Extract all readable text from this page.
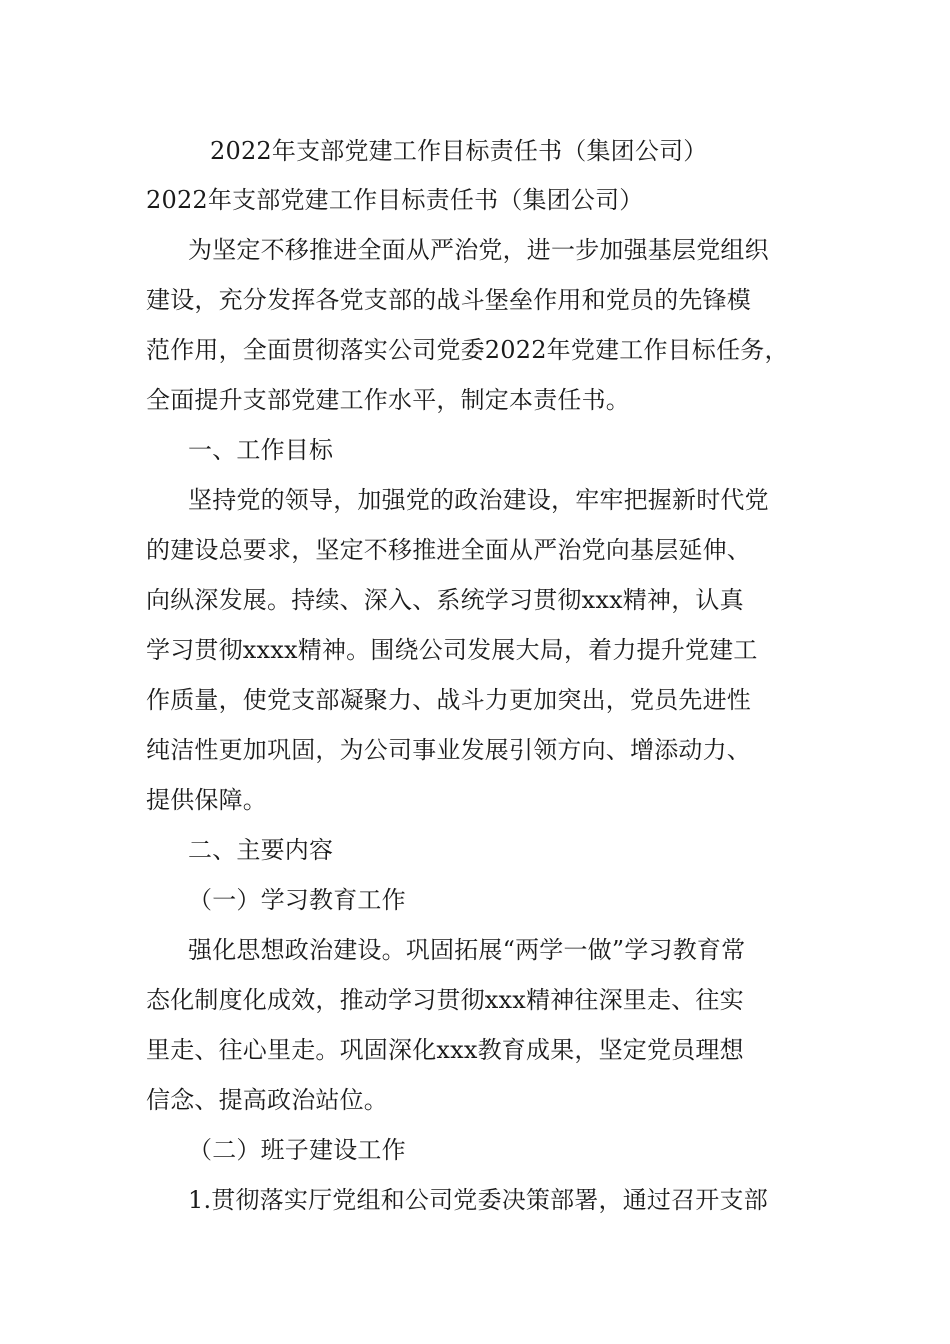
2022年支部党建工作目标责任书（集团公司）
2022年支部党建工作目标责任书（集团公司）
为坚定不移推进全面从严治党，进一步加强基层党组织
建设，充分发挥各党支部的战斗堡垒作用和党员的先锋模
范作用，全面贯彻落实公司党委2022年党建工作目标任务，
全面提升支部党建工作水平，制定本责任书。
一、工作目标
坚持党的领导，加强党的政治建设，牢牢把握新时代党
的建设总要求，坚定不移推进全面从严治党向基层延伸、
向纵深发展。持续、深入、系统学习贯彻xxx精神，认真
学习贯彻xxxx精神。围绕公司发展大局，着力提升党建工
作质量，使党支部凝聚力、战斗力更加突出，党员先进性
纯洁性更加巩固，为公司事业发展引领方向、增添动力、
提供保障。
二、主要内容
（一）学习教育工作
强化思想政治建设。巩固拓展“两学一做”学习教育常
态化制度化成效，推动学习贯彻xxx精神往深里走、往实
里走、往心里走。巩固深化xxx教育成果，坚定党员理想
信念、提高政治站位。
（二）班子建设工作
1.贯彻落实厅党组和公司党委决策部署，通过召开支部
